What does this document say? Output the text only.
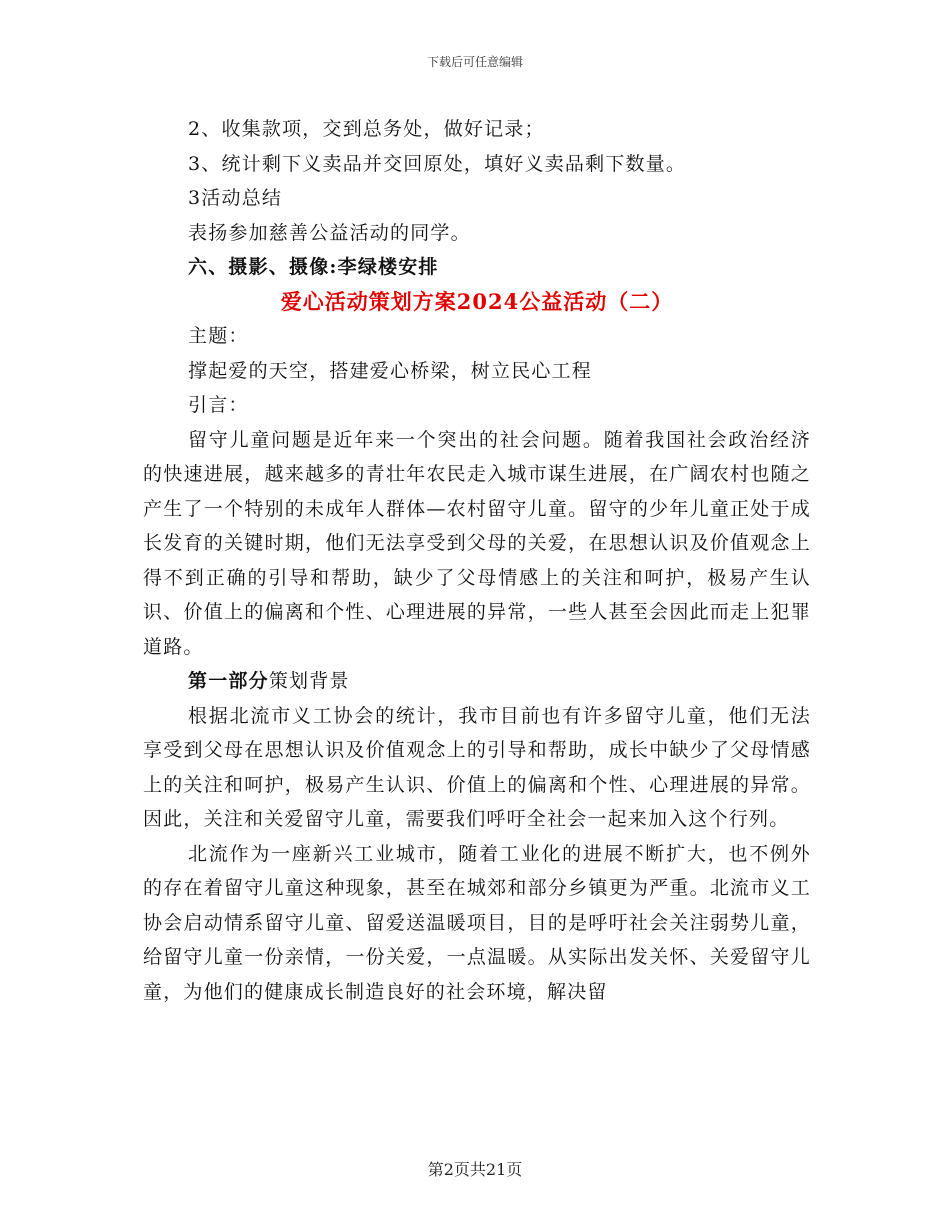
下载后可任意编辑
2、收集款项，交到总务处，做好记录；
3、统计剩下义卖品并交回原处，填好义卖品剩下数量。
3活动总结
表扬参加慈善公益活动的同学。
六、摄影、摄像:李绿楼安排
爱心活动策划方案2024公益活动（二）
主题：
撑起爱的天空，搭建爱心桥梁，树立民心工程
引言：

留守儿童问题是近年来一个突出的社会问题。随着我国社会政治经济的快速进展，越来越多的青壮年农民走入城市谋生进展，在广阔农村也随之产生了一个特别的未成年人群体—农村留守儿童。留守的少年儿童正处于成长发育的关键时期，他们无法享受到父母的关爱，在思想认识及价值观念上得不到正确的引导和帮助，缺少了父母情感上的关注和呵护，极易产生认识、价值上的偏离和个性、心理进展的异常，一些人甚至会因此而走上犯罪道路。

第一部分策划背景

根据北流市义工协会的统计，我市目前也有许多留守儿童，他们无法享受到父母在思想认识及价值观念上的引导和帮助，成长中缺少了父母情感上的关注和呵护，极易产生认识、价值上的偏离和个性、心理进展的异常。因此，关注和关爱留守儿童，需要我们呼吁全社会一起来加入这个行列。

北流作为一座新兴工业城市，随着工业化的进展不断扩大，也不例外的存在着留守儿童这种现象，甚至在城郊和部分乡镇更为严重。北流市义工协会启动情系留守儿童、留爱送温暖项目，目的是呼吁社会关注弱势儿童，给留守儿童一份亲情，一份关爱，一点温暖。从实际出发关怀、关爱留守儿童，为他们的健康成长制造良好的社会环境，解决留

第2页共21页
